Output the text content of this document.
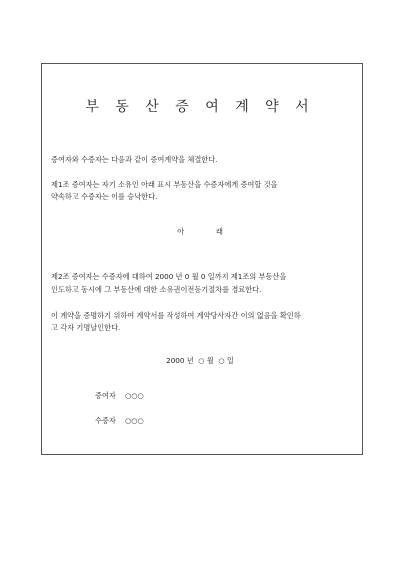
부 동 산 증 여 계 약 서
증여자와 수증자는 다음과 같이 증여계약을 체결한다.
제1조 증여자는 자기 소유인 아래 표시 부동산을 수증자에게 증여할 것을
약속하고 수증자는 이를 승낙한다.
아              래
제2조 증여자는 수증자에 대하여 2000 년 0 월 0 일까지 제1조의 부동산을
인도하고 동시에 그 부동산에 대한 소유권이전등기절차를 경료한다.
이 계약을 증명하기 위하여 계약서를 작성하여 계약당사자간 이의 없음을 확인하
고 각자 기명날인한다.
2000 년  ○ 월  ○ 일
증여자    ○○○
수증자    ○○○
